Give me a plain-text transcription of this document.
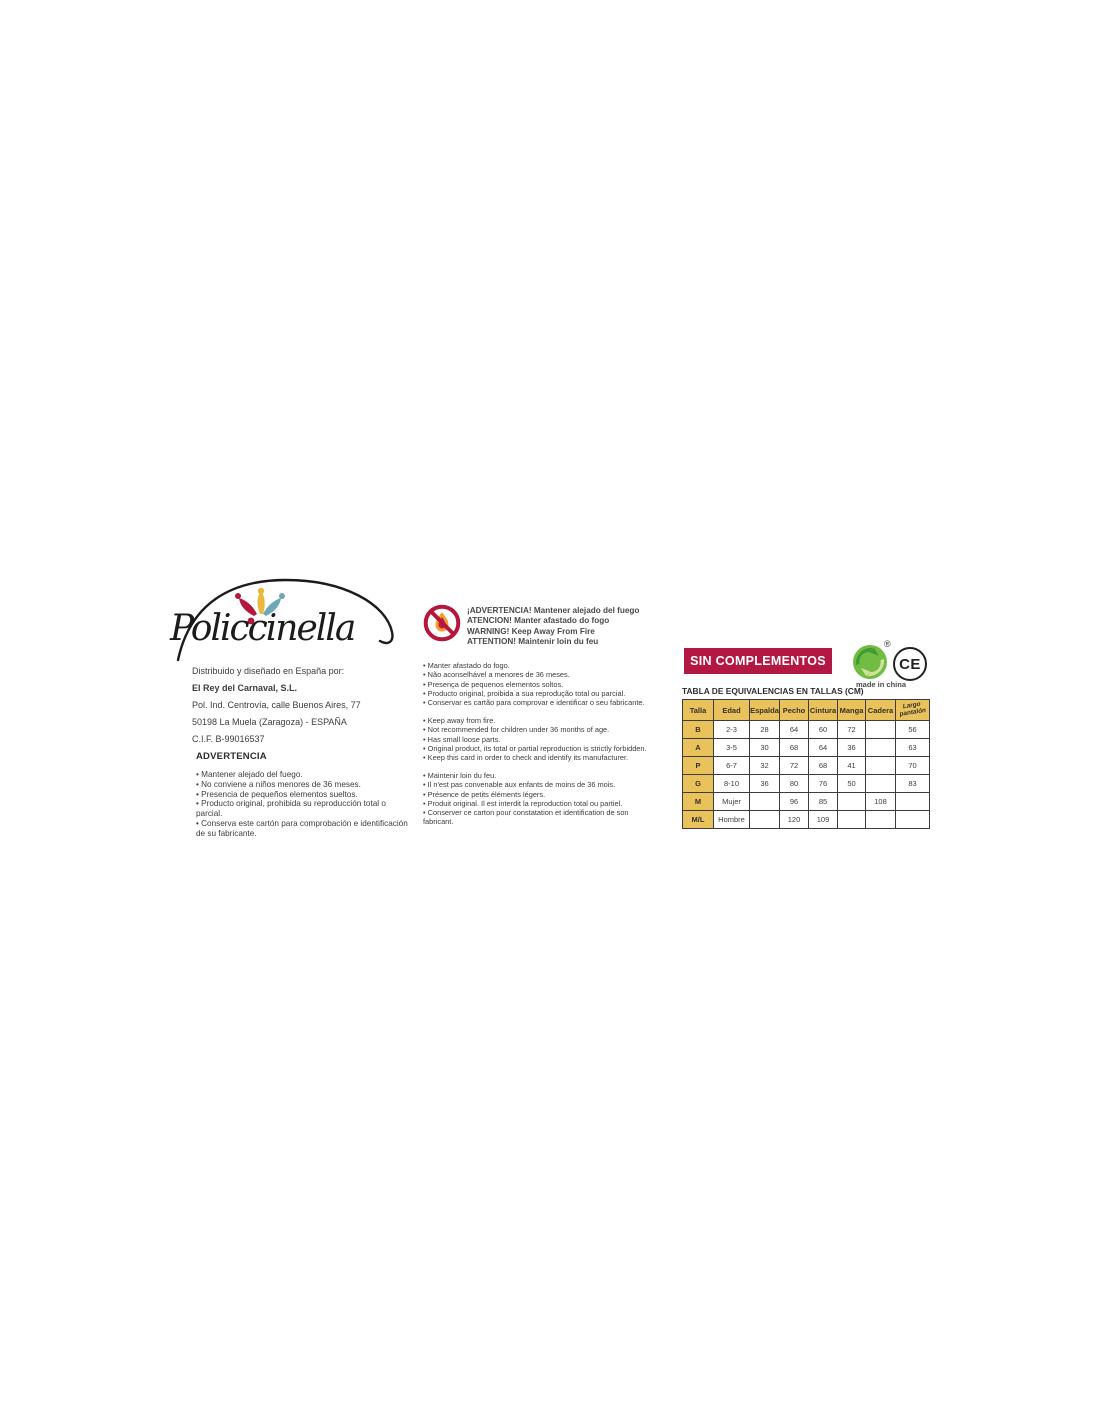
Policcinella
Distribuido y diseñado en España por:
El Rey del Carnaval, S.L.
Pol. Ind. Centrovía, calle Buenos Aires, 77
50198 La Muela (Zaragoza) - ESPAÑA
C.I.F. B-99016537
ADVERTENCIA
• Mantener alejado del fuego.
• No conviene a niños menores de 36 meses.
• Presencia de pequeños elementos sueltos.
• Producto original, prohibida su reproducción total o parcial.
• Conserva este cartón para comprobación e identificación de su fabricante.
¡ADVERTENCIA! Mantener alejado del fuego
ATENCION! Manter afastado do fogo
WARNING! Keep Away From Fire
ATTENTION! Maintenir loin du feu
• Manter afastado do fogo.
• Não aconselhável a menores de 36 meses.
• Presença de pequenos elementos soltos.
• Producto original, proibida a sua reprodução total ou parcial.
• Conservar es cartão para comprovar e identificar o seu fabricante.
• Keep away from fire.
• Not recommended for children under 36 months of age.
• Has small loose parts.
• Original product, its total or partial reproduction is strictly forbidden.
• Keep this card in order to check and identify its manufacturer.
• Maintenir loin du feu.
• Il n'est pas convenable aux enfants de moins de 36 mois.
• Présence de petits éléments légers.
• Produit original. Il est interdit la reproduction total ou partiel.
• Conserver ce carton pour constatation et identification de son fabricant.
SIN COMPLEMENTOS
®
CE
made in china
TABLA DE EQUIVALENCIAS EN TALLAS (CM)
Talla	Edad	Espalda	Pecho	Cintura	Manga	Cadera	Largo
pantalón
B	2-3	28	64	60	72		56
A	3-5	30	68	64	36		63
P	6-7	32	72	68	41		70
G	8-10	36	80	76	50		83
M	Mujer		96	85		108	
M/L	Hombre		120	109			
